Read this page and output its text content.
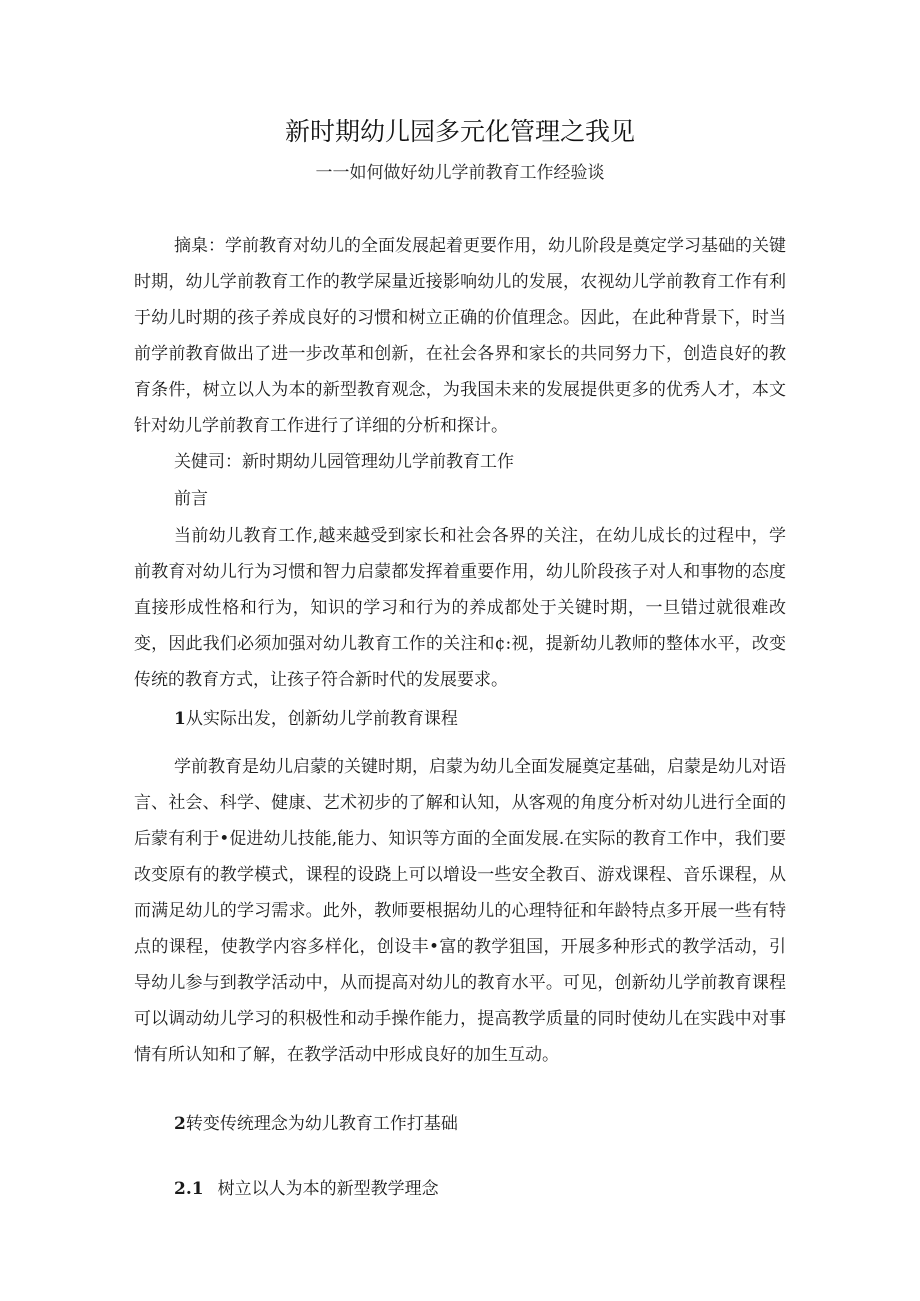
新时期幼儿园多元化管理之我见
一一如何做好幼儿学前教育工作经验谈

摘臬：学前教育对幼儿的全面发展起着更要作用，幼儿阶段是奠定学习基础的关键时期，幼儿学前教育工作的教学屎量近接影响幼儿的发展，农视幼儿学前教育工作有利于幼儿时期的孩子养成良好的习惯和树立正确的价值理念。因此，在此种背景下，时当前学前教育做出了进一步改革和创新，在社会各界和家长的共同努力下，创造良好的教育条件，树立以人为本的新型教育观念，为我国未来的发展提供更多的优秀人才，本文针对幼儿学前教育工作进行了详细的分析和探计。

关健司：新时期幼儿园管理幼儿学前教育工作

前言

当前幼儿教育工作,越来越受到家长和社会各界的关注，在幼儿成长的过程中，学前教育对幼儿行为习惯和智力启蒙都发挥着重要作用，幼儿阶段孩子对人和事物的态度直接形成性格和行为，知识的学习和行为的养成都处于关键时期，一旦错过就很难改变，因此我们必须加强对幼儿教育工作的关注和¢:视，提新幼儿教师的整体水平，改变传统的教育方式，让孩子符合新时代的发展要求。

1从实际出发，创新幼儿学前教育课程

学前教育是幼儿启蒙的关键时期，启蒙为幼儿全面发屣奠定基础，启蒙是幼儿对语言、社会、科学、健康、艺术初步的了解和认知，从客观的角度分析对幼儿进行全面的后蒙有利于•促进幼儿技能,能力、知识等方面的全面发展.在实际的教育工作中，我们要改变原有的教学模式，课程的设跷上可以增设一些安全教百、游戏课程、音乐课程，从而满足幼儿的学习需求。此外，教师要根据幼儿的心理特征和年龄特点多开展一些有特点的课程，使教学内容多样化，创设丰•富的教学狙国，开展多种形式的教学活动，引导幼儿参与到教学活动中，从而提高对幼儿的教育水平。可见，创新幼儿学前教育课程可以调动幼儿学习的积极性和动手操作能力，提高教学质量的同时使幼儿在实践中对事情有所认知和了解，在教学活动中形成良好的加生互动。

2转变传统理念为幼儿教育工作打基础

2.1 树立以人为本的新型教学理念
